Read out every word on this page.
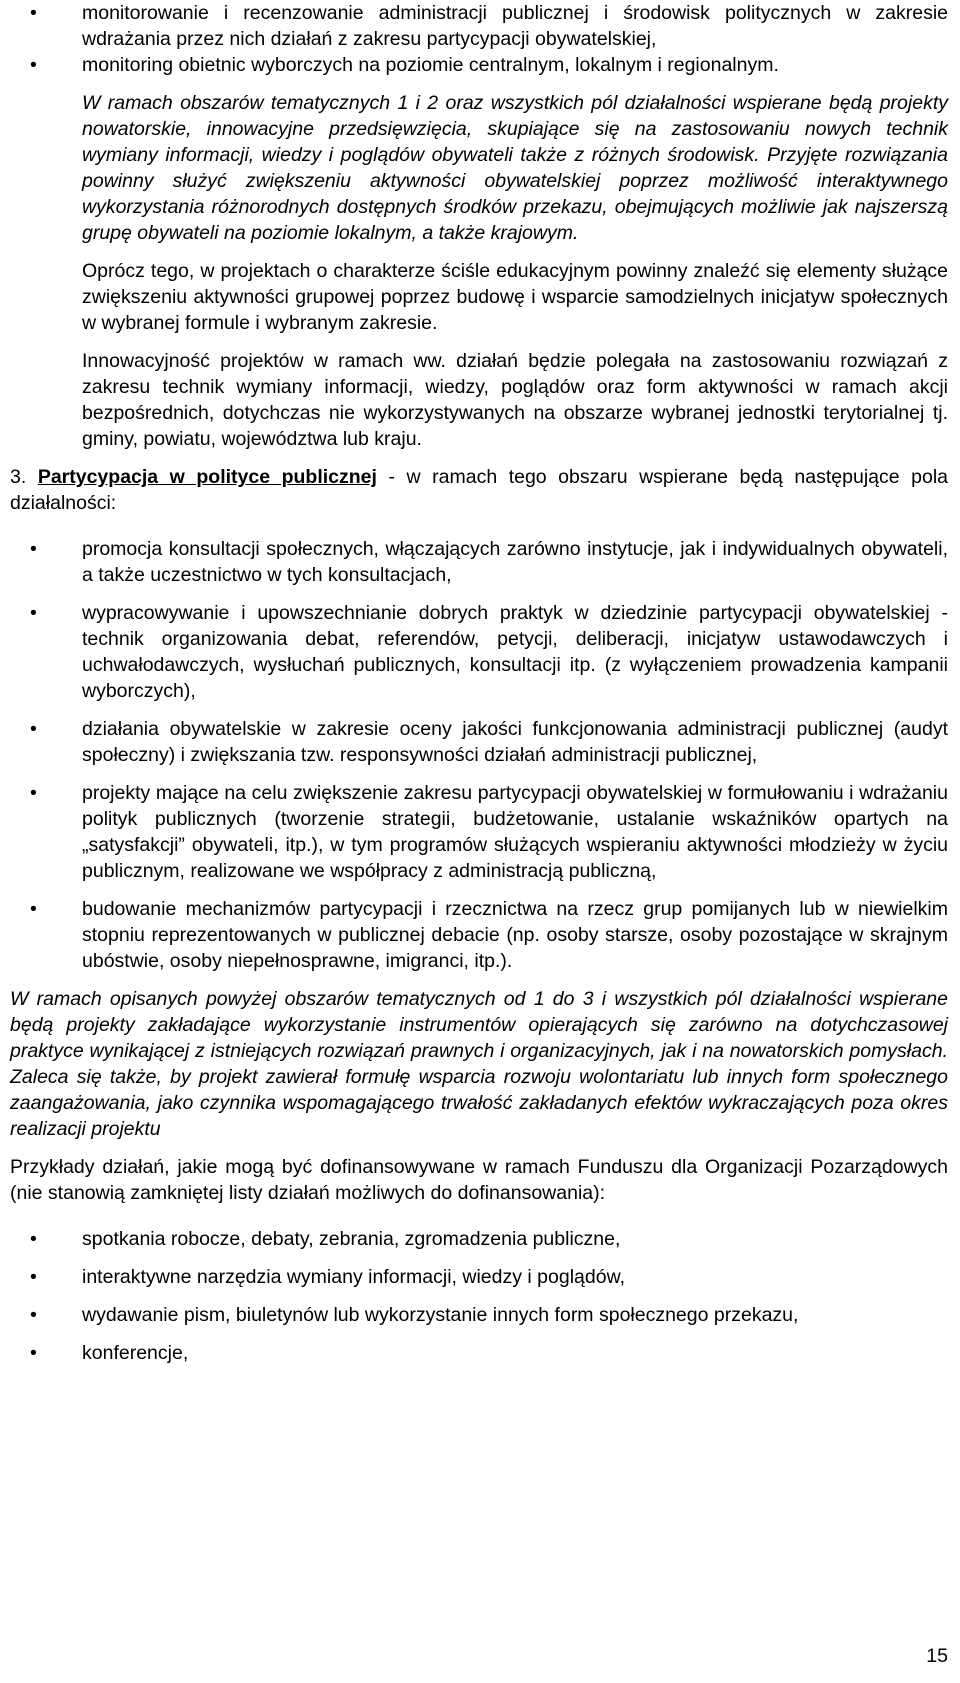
• monitorowanie i recenzowanie administracji publicznej i środowisk politycznych w zakresie wdrażania przez nich działań z zakresu partycypacji obywatelskiej,
• monitoring obietnic wyborczych na poziomie centralnym, lokalnym i regionalnym.

W ramach obszarów tematycznych 1 i 2 oraz wszystkich pól działalności wspierane będą projekty nowatorskie, innowacyjne przedsięwzięcia, skupiające się na zastosowaniu nowych technik wymiany informacji, wiedzy i poglądów obywateli także z różnych środowisk. Przyjęte rozwiązania powinny służyć zwiększeniu aktywności obywatelskiej poprzez możliwość interaktywnego wykorzystania różnorodnych dostępnych środków przekazu, obejmujących możliwie jak najszerszą grupę obywateli na poziomie lokalnym, a także krajowym.

Oprócz tego, w projektach o charakterze ściśle edukacyjnym powinny znaleźć się elementy służące zwiększeniu aktywności grupowej poprzez budowę i wsparcie samodzielnych inicjatyw społecznych w wybranej formule i wybranym zakresie.

Innowacyjność projektów w ramach ww. działań będzie polegała na zastosowaniu rozwiązań z zakresu technik wymiany informacji, wiedzy, poglądów oraz form aktywności w ramach akcji bezpośrednich, dotychczas nie wykorzystywanych na obszarze wybranej jednostki terytorialnej tj. gminy, powiatu, województwa lub kraju.

3. Partycypacja w polityce publicznej - w ramach tego obszaru wspierane będą następujące pola działalności:

• promocja konsultacji społecznych, włączających zarówno instytucje, jak i indywidualnych obywateli, a także uczestnictwo w tych konsultacjach,
• wypracowywanie i upowszechnianie dobrych praktyk w dziedzinie partycypacji obywatelskiej - technik organizowania debat, referendów, petycji, deliberacji, inicjatyw ustawodawczych i uchwałodawczych, wysłuchań publicznych, konsultacji itp. (z wyłączeniem prowadzenia kampanii wyborczych),
• działania obywatelskie w zakresie oceny jakości funkcjonowania administracji publicznej (audyt społeczny) i zwiększania tzw. responsywności działań administracji publicznej,
• projekty mające na celu zwiększenie zakresu partycypacji obywatelskiej w formułowaniu i wdrażaniu polityk publicznych (tworzenie strategii, budżetowanie, ustalanie wskaźników opartych na „satysfakcji” obywateli, itp.), w tym programów służących wspieraniu aktywności młodzieży w życiu publicznym, realizowane we współpracy z administracją publiczną,
• budowanie mechanizmów partycypacji i rzecznictwa na rzecz grup pomijanych lub w niewielkim stopniu reprezentowanych w publicznej debacie (np. osoby starsze, osoby pozostające w skrajnym ubóstwie, osoby niepełnosprawne, imigranci, itp.).

W ramach opisanych powyżej obszarów tematycznych od 1 do 3 i wszystkich pól działalności wspierane będą projekty zakładające wykorzystanie instrumentów opierających się zarówno na dotychczasowej praktyce wynikającej z istniejących rozwiązań prawnych i organizacyjnych, jak i na nowatorskich pomysłach. Zaleca się także, by projekt zawierał formułę wsparcia rozwoju wolontariatu lub innych form społecznego zaangażowania, jako czynnika wspomagającego trwałość zakładanych efektów wykraczających poza okres realizacji projektu

Przykłady działań, jakie mogą być dofinansowywane w ramach Funduszu dla Organizacji Pozarządowych (nie stanowią zamkniętej listy działań możliwych do dofinansowania):

• spotkania robocze, debaty, zebrania, zgromadzenia publiczne,
• interaktywne narzędzia wymiany informacji, wiedzy i poglądów,
• wydawanie pism, biuletynów lub wykorzystanie innych form społecznego przekazu,
• konferencje,
15
